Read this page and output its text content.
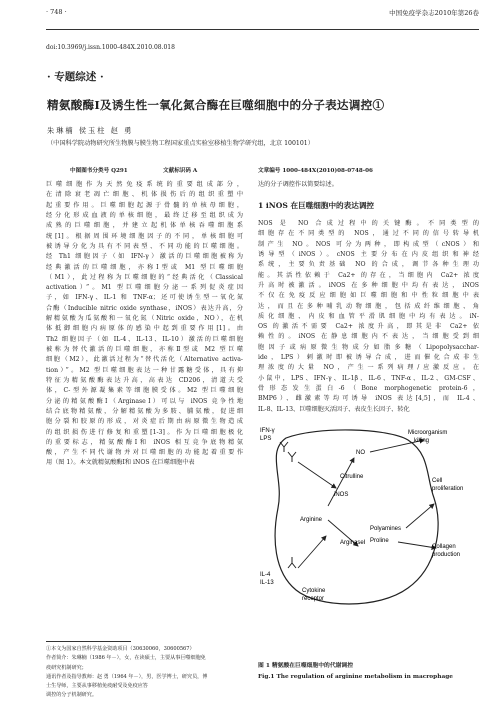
· 748 ·	中国免疫学杂志2010年第26卷
doi:10.3969/j.issn.1000-484X.2010.08.018
· 专题综述 ·
精氨酸酶Ⅰ及诱生性一氧化氮合酶在巨噬细胞中的分子表达调控①
朱琳楠 侯玉柱 赵 勇
（中国科学院动物研究所生物膜与膜生物工程国家重点实验室移植生物学研究组，北京 100101）
中图图书分类号 Q291	文献标识码 A	文章编号 1000-484X(2010)08-0748-06

巨噬细胞作为天然免疫系统的重要组成部分，

在清除衰老凋亡细胞、机体损伤后的组织重塑中

起重要作用。巨噬细胞起源于骨髓的单核母细胞，

经分化形成血液的单核细胞，最终迁移至组织成为

成熟的巨噬细胞，并建立起机体单核吞噬细胞系

统[1]。根据周围环境细胞因子的不同，单核细胞可

被诱导分化为具有不同表型、不同功能的巨噬细胞。

经 Th1 细胞因子（如 IFN-γ）激活的巨噬细胞被称为

经典激活的巨噬细胞，亦称Ⅰ型或 M1 型巨噬细胞

（M1），此过程称为巨噬细胞的“经典活化（Classical

activation）”。M1 型巨噬细胞分泌一系列促炎症因

子，如 IFN-γ、IL-1 和 TNF-α；还可使诱生型一氧化氮

合酶（Inducible nitric oxide synthase，iNOS）表达升高，分

解精氨酸为瓜氨酸和一氧化氮（Nitric oxide，NO），在机

体抵御细胞内病原体的感染中起到重要作用[1]。由

Th2 细胞因子（如 IL-4、IL-13、IL-10）激活的巨噬细胞

被称为替代激活的巨噬细胞，亦称Ⅱ型或 M2 型巨噬

细胞（M2），此激活过程为“替代活化（Alternative activa-

tion）”。M2 型巨噬细胞表达一种甘露糖受体，具有抑

特征为精氨酸酶表达升高，高表达 CD206，清道夫受

体，C-型外源凝集素等细胞膜受体。M2 型巨噬细胞

分泌的精氨酸酶Ⅰ（ArginaseⅠ）可以与 iNOS 竞争性地

结合底物精氨酸，分解精氨酸为多胺、脯氨酸，促进细

胞分裂和胶原的形成，对炎症后期由病原微生物造成

的组织损伤进行修复和重塑[1-3]。作为巨噬细胞极化

的重要标志，精氨酸酶Ⅰ和 iNOS 相互竞争底物精氨

酸，产生不同代谢物并对巨噬细胞的功能起着重要作

用（图 1）。本文就精氨酸酶Ⅰ和 iNOS 在巨噬细胞中表

达的分子调控作以简要综述。

1 iNOS 在巨噬细胞中的表达调控

NOS 是 NO 合成过程中的关键酶。不同类型的

细胞存在不同类型的 NOS，通过不同的信号转导机

制产生 NO。NOS 可分为两种，即构成型（cNOS）和

诱导型（iNOS）。cNOS 主要分布在内皮组织和神经

系统，主要负责基础 NO 的合成，调节各种生理功

能。其活性依赖于 Ca2+ 的存在，当细胞内 Ca2+ 浓度

升高时被激活。iNOS 在多种细胞中均有表达，iNOS

不仅在免疫反应细胞如巨噬细胞和中性粒细胞中表

达，而且在多种哺乳动物细胞，包括成纤维细胞、角

质化细胞、内皮和血管平滑肌细胞中均有表达。iN-

OS 的激活不需要 Ca2+ 浓度升高，即其是非 Ca2+ 依

赖性的。iNOS 在静息细胞内不表达，当细胞受到细

胞因子或病原微生物成分如脂多糖（Lipopolysacchar-

ide，LPS）刺激时即被诱导合成，进而催化合成非生

理浓度的大量 NO，产生一系列病理/应激反应。在

小鼠中，LPS、IFN-γ、IL-1β、IL-6、TNF-α、IL-2、GM-CSF、

骨形态发生蛋白-6（Bone morphogenetic protein-6，

BMP6）、雌激素等均可诱导 iNOS 表达[4,5]，而 IL-4、

IL-8、IL-13、巨噬细胞灭活因子、表皮生长因子、转化

IFN-γ
LPS
NO
Citrulline
iNOS
Arginine
ArginaseⅠ
Polyamines
Proline
Microorganism
killing
Cell
proliferation
Collagen
production
IL-4
IL-13
Cytokine
receptor
图 1 精氨酸在巨噬细胞中的代谢调控
Fig.1 The regulation of arginine metabolism in macrophage
①本文为国家自然科学基金资助项目（30630060，30600567）
作者简介：朱琳楠（1986 年－），女，在读硕士，主要从事巨噬细胞免
疫研究机制研究；
通讯作者及指导教师：赵 勇（1964 年－），男，医学博士，研究员，博
士生导师，主要从事移植免疫耐受及免疫应答
调控的分子机制研究。
